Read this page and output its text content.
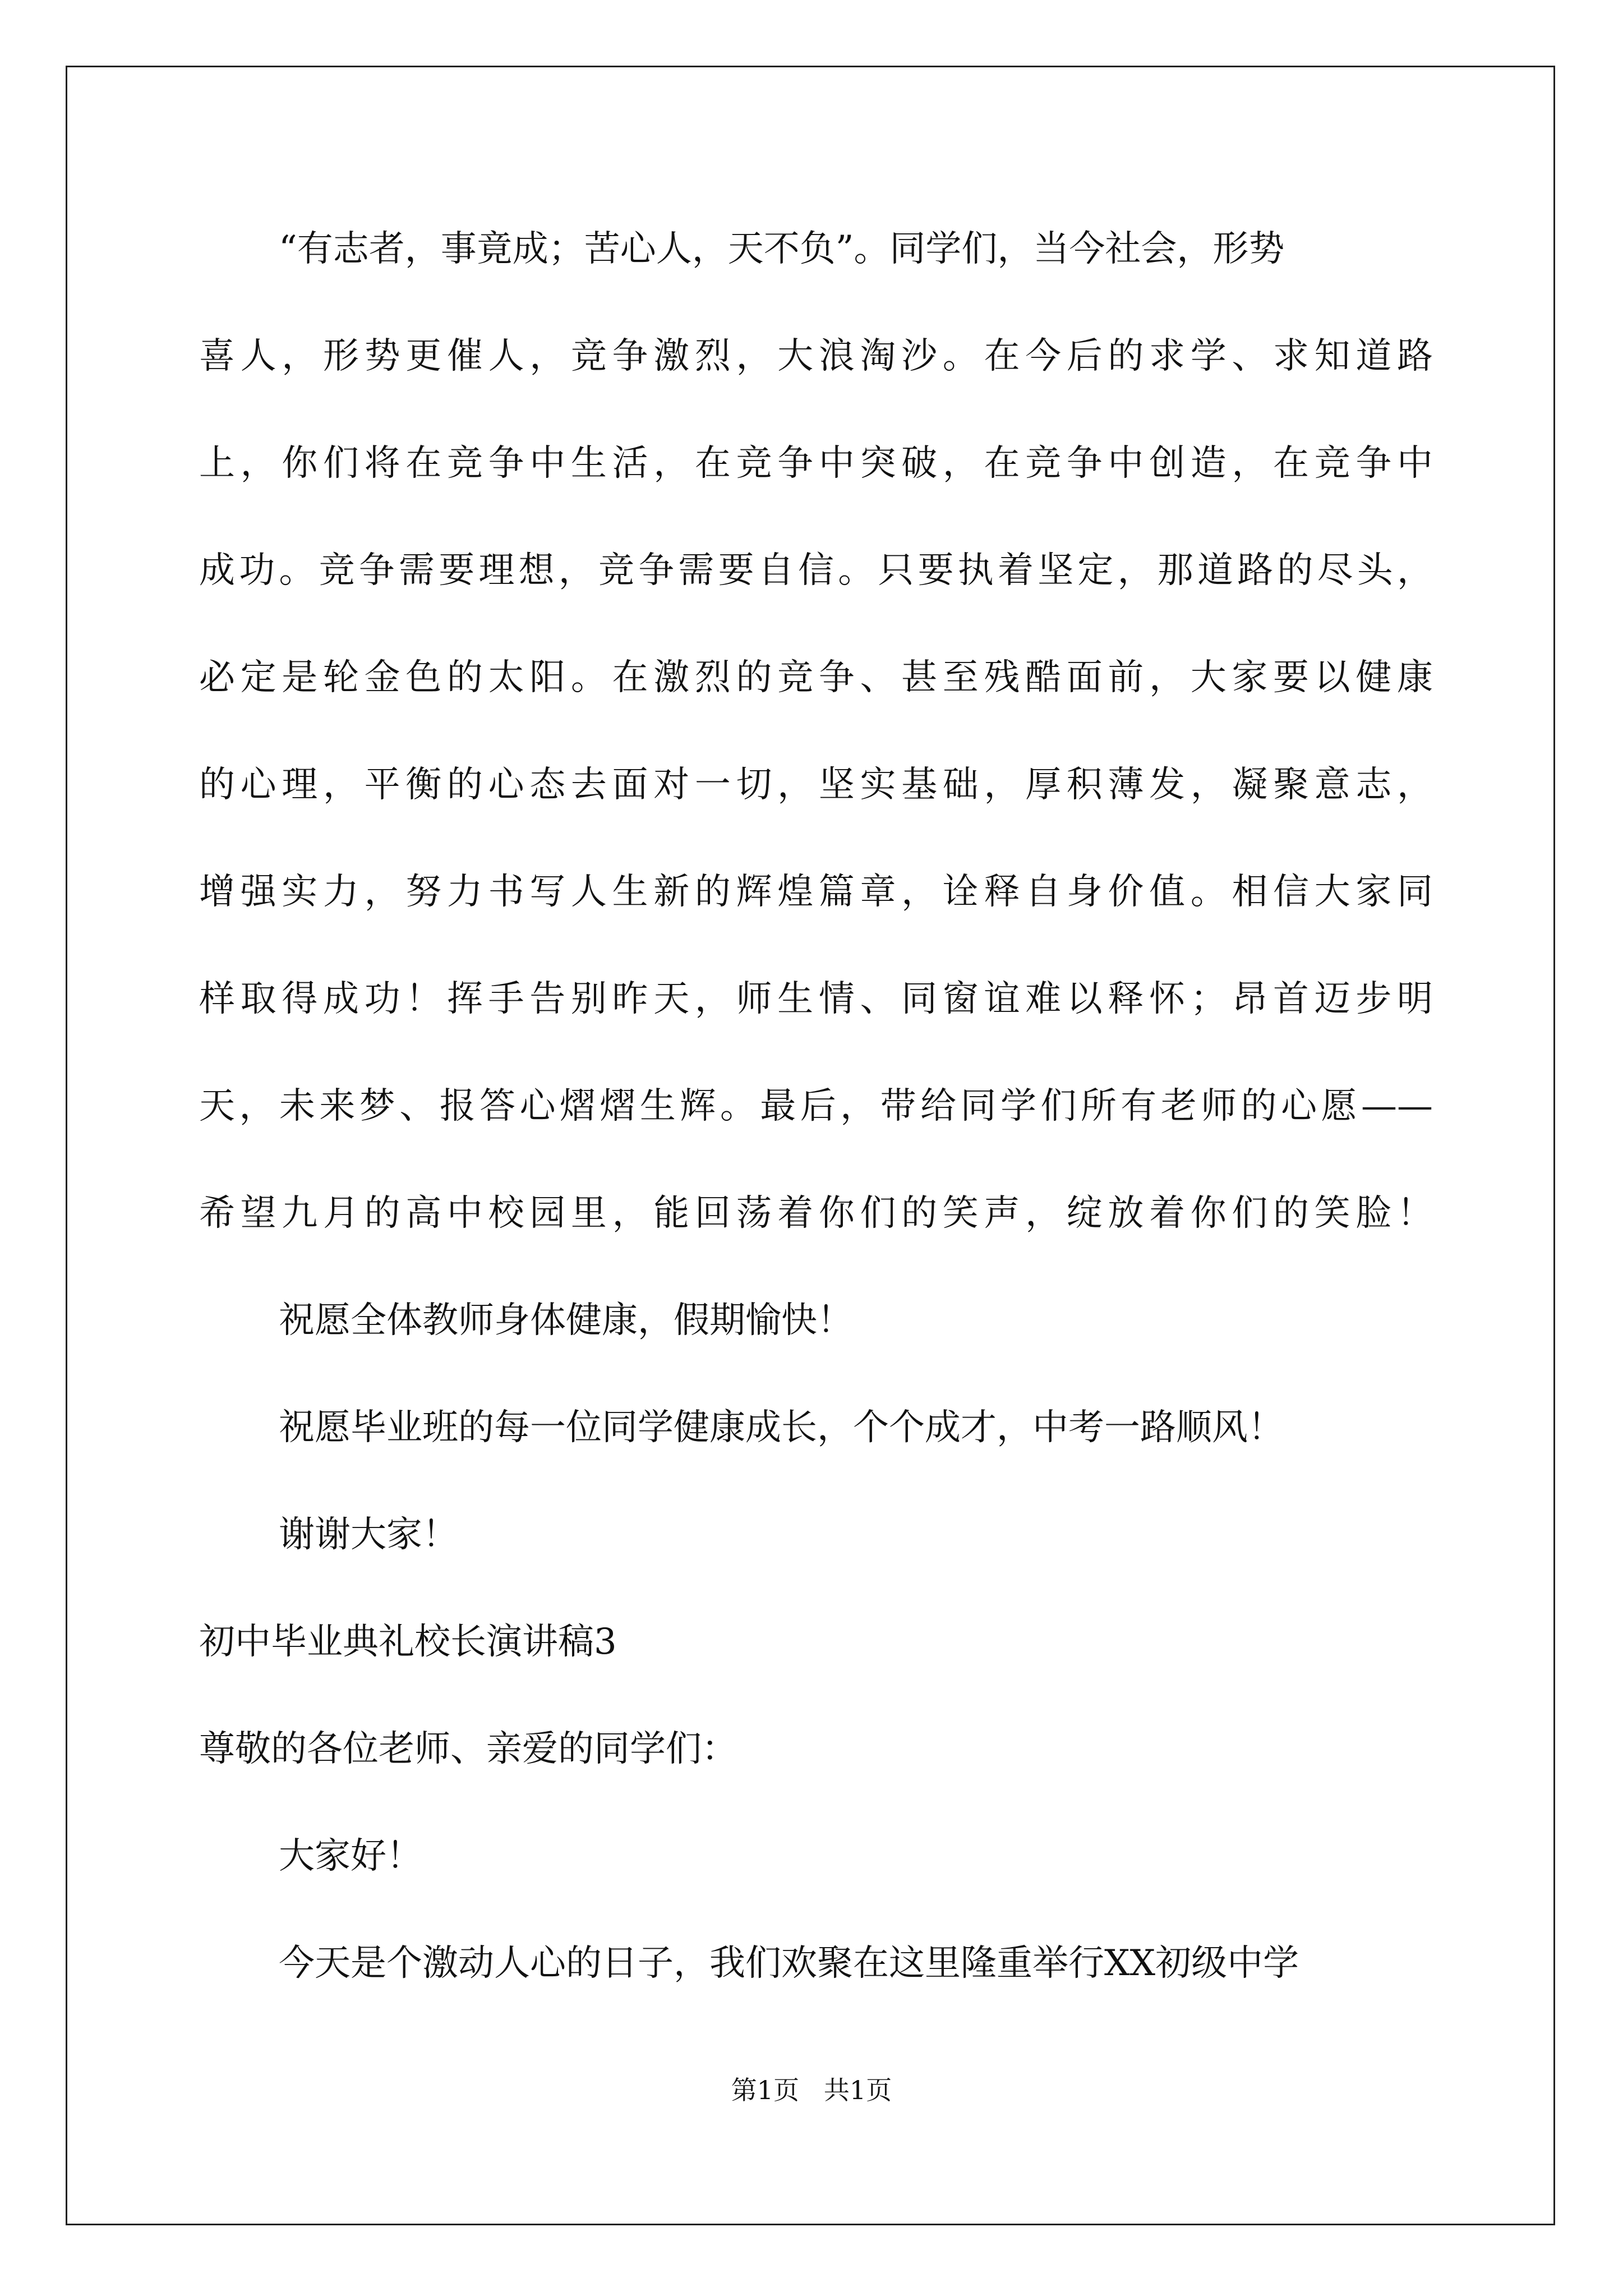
“有志者，事竟成；苦心人，天不负”。同学们，当今社会，形势
喜人，形势更催人，竞争激烈，大浪淘沙。在今后的求学、求知道路
上，你们将在竞争中生活，在竞争中突破，在竞争中创造，在竞争中
成功。竞争需要理想，竞争需要自信。只要执着坚定，那道路的尽头，
必定是轮金色的太阳。在激烈的竞争、甚至残酷面前，大家要以健康
的心理，平衡的心态去面对一切，坚实基础，厚积薄发，凝聚意志，
增强实力，努力书写人生新的辉煌篇章，诠释自身价值。相信大家同
样取得成功！挥手告别昨天，师生情、同窗谊难以释怀；昂首迈步明
天，未来梦、报答心熠熠生辉。最后，带给同学们所有老师的心愿——
希望九月的高中校园里，能回荡着你们的笑声，绽放着你们的笑脸！
祝愿全体教师身体健康，假期愉快！
祝愿毕业班的每一位同学健康成长，个个成才，中考一路顺风！
谢谢大家！
初中毕业典礼校长演讲稿3
尊敬的各位老师、亲爱的同学们：
大家好！
今天是个激动人心的日子，我们欢聚在这里隆重举行XX初级中学
第1页   共1页
